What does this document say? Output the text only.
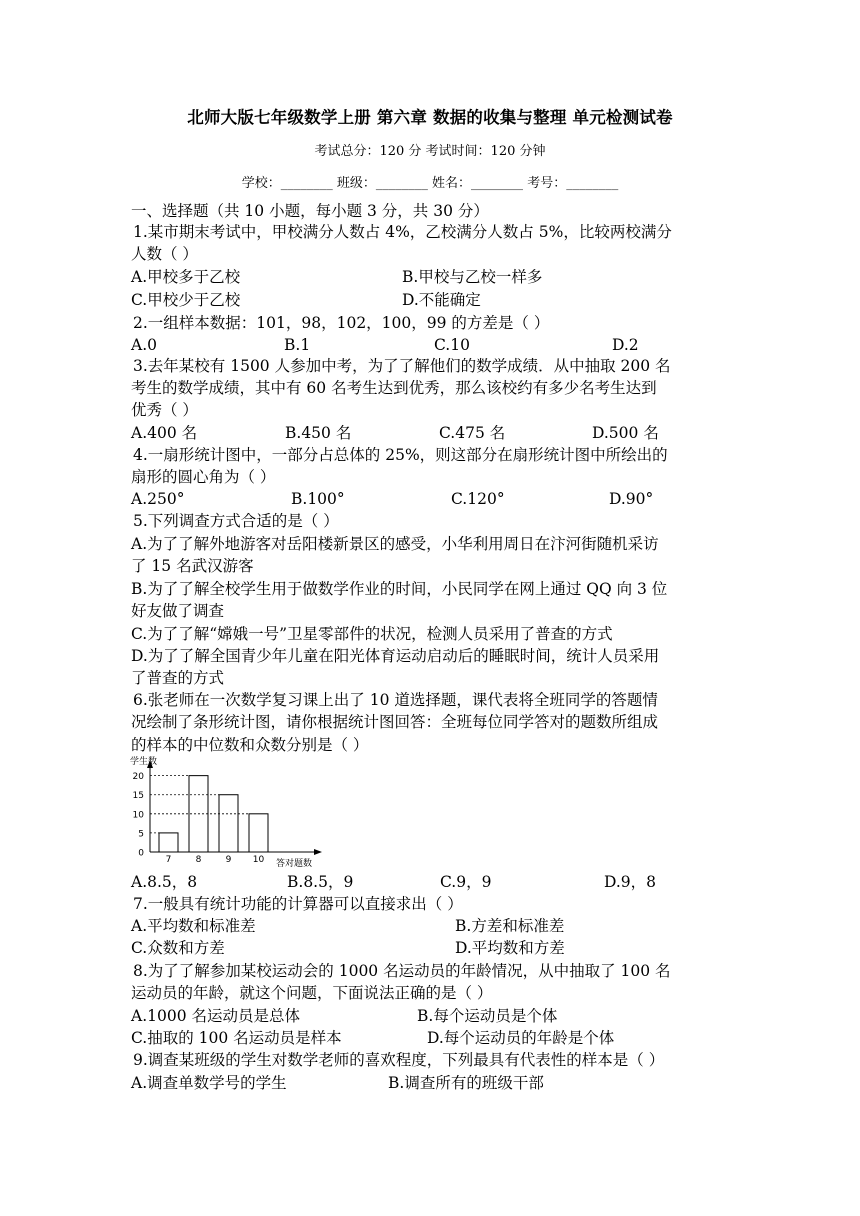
北师大版七年级数学上册 第六章 数据的收集与整理 单元检测试卷
考试总分：120 分 考试时间：120 分钟
学校：________ 班级：________ 姓名：________ 考号：________
一、选择题（共 10 小题，每小题 3 分，共 30 分）
1.某市期末考试中，甲校满分人数占 4%，乙校满分人数占 5%，比较两校满分
人数（ ）
A.甲校多于乙校	B.甲校与乙校一样多
C.甲校少于乙校	D.不能确定
2.一组样本数据：101，98，102，100，99 的方差是（ ）
A.0	B.1	C.10	D.2
3.去年某校有 1500 人参加中考，为了了解他们的数学成绩．从中抽取 200 名
考生的数学成绩，其中有 60 名考生达到优秀，那么该校约有多少名考生达到
优秀（ ）
A.400 名	B.450 名	C.475 名	D.500 名
4.一扇形统计图中，一部分占总体的 25%，则这部分在扇形统计图中所绘出的
扇形的圆心角为（ ）
A.250°	B.100°	C.120°	D.90°
5.下列调查方式合适的是（ ）
A.为了了解外地游客对岳阳楼新景区的感受，小华利用周日在汴河街随机采访
了 15 名武汉游客
B.为了了解全校学生用于做数学作业的时间，小民同学在网上通过 QQ 向 3 位
好友做了调查
C.为了了解“嫦娥一号”卫星零部件的状况，检测人员采用了普查的方式
D.为了了解全国青少年儿童在阳光体育运动启动后的睡眠时间，统计人员采用
了普查的方式
6.张老师在一次数学复习课上出了 10 道选择题，课代表将全班同学的答题情
况绘制了条形统计图，请你根据统计图回答：全班每位同学答对的题数所组成
的样本的中位数和众数分别是（ ）
0
5
10
15
20
学生数
7	8	9 10 答对题数
A.8.5，8	B.8.5，9	C.9，9	D.9，8
7.一般具有统计功能的计算器可以直接求出（ ）
A.平均数和标准差	B.方差和标准差
C.众数和方差	D.平均数和方差
8.为了了解参加某校运动会的 1000 名运动员的年龄情况，从中抽取了 100 名
运动员的年龄，就这个问题，下面说法正确的是（ ）
A.1000 名运动员是总体	B.每个运动员是个体
C.抽取的 100 名运动员是样本	D.每个运动员的年龄是个体
9.调查某班级的学生对数学老师的喜欢程度，下列最具有代表性的样本是（ ）
A.调查单数学号的学生	B.调查所有的班级干部
